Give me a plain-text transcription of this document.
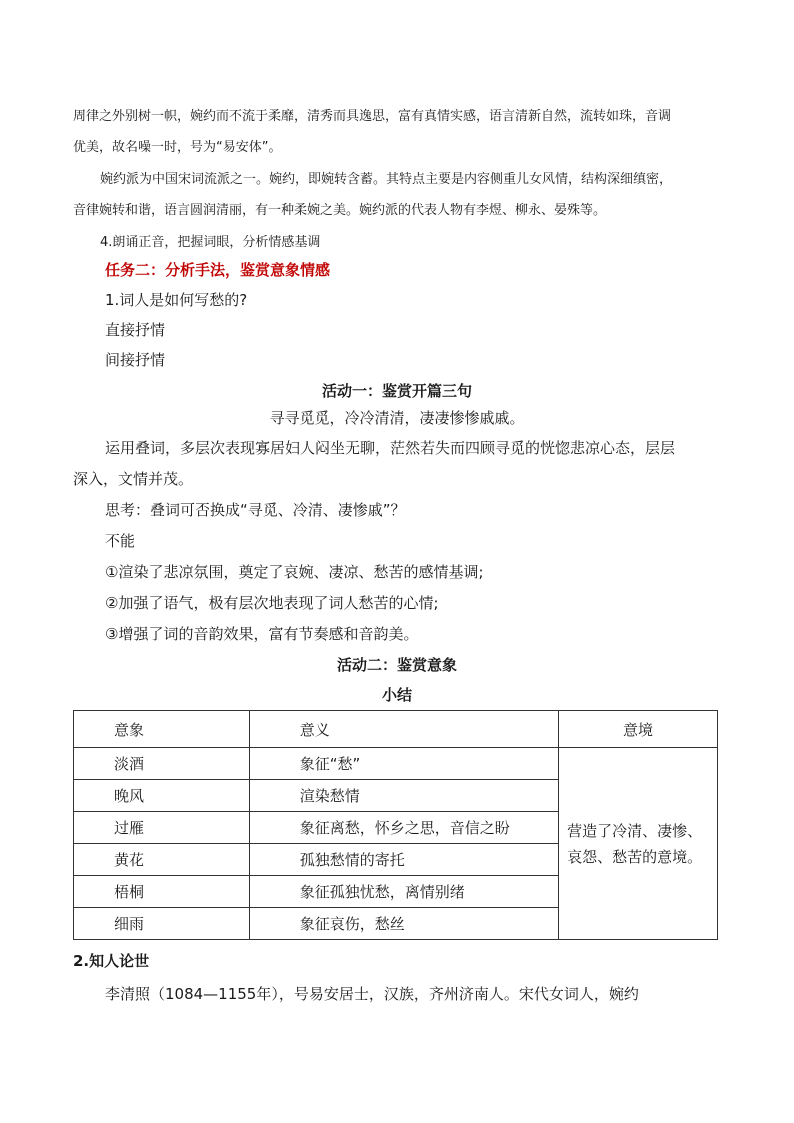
周律之外别树一帜，婉约而不流于柔靡，清秀而具逸思，富有真情实感，语言清新自然，流转如珠，音调
优美，故名噪一时，号为“易安体”。
婉约派为中国宋词流派之一。婉约，即婉转含蓄。其特点主要是内容侧重儿女风情，结构深细缜密，
音律婉转和谐，语言圆润清丽，有一种柔婉之美。婉约派的代表人物有李煜、柳永、晏殊等。
4.朗诵正音，把握词眼，分析情感基调
任务二：分析手法，鉴赏意象情感
1.词人是如何写愁的?
直接抒情
间接抒情
活动一：鉴赏开篇三句
寻寻觅觅，冷冷清清，凄凄惨惨戚戚。
运用叠词，多层次表现寡居妇人闷坐无聊，茫然若失而四顾寻觅的恍惚悲凉心态，层层
深入，文情并茂。
思考：叠词可否换成“寻觅、冷清、凄惨戚”？
不能
①渲染了悲凉氛围，奠定了哀婉、凄凉、愁苦的感情基调;
②加强了语气，极有层次地表现了词人愁苦的心情;
③增强了词的音韵效果，富有节奏感和音韵美。
活动二：鉴赏意象
小结
意象	意义	意境
淡酒	象征“愁”	营造了冷清、凄惨、哀怨、愁苦的意境。
晚风	渲染愁情	
过雁	象征离愁，怀乡之思，音信之盼	
黄花	孤独愁情的寄托	
梧桐	象征孤独忧愁，离情别绪	
细雨	象征哀伤，愁丝	
2.知人论世
李清照（1084—1155年），号易安居士，汉族，齐州济南人。宋代女词人，婉约
